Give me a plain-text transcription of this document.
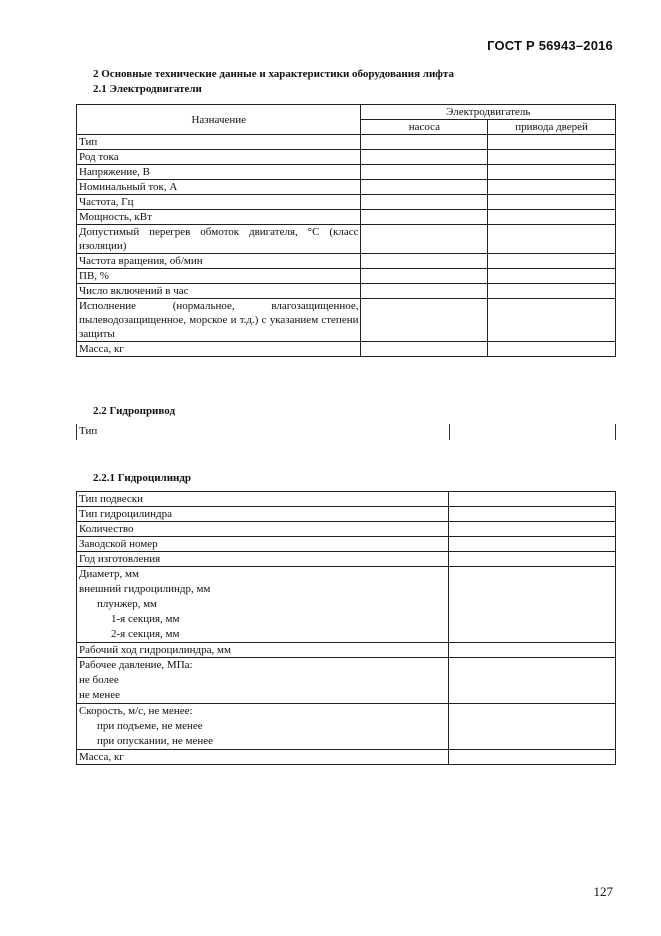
ГОСТ Р 56943–2016
2 Основные технические данные и характеристики оборудования лифта
2.1 Электродвигатели
Назначение	Электродвигатель	
	насоса	привода дверей
Тип		
Род тока		
Напряжение, В		
Номинальный ток, А		
Частота, Гц		
Мощность, кВт		
Допустимый перегрев обмоток двигателя, °С (класс изоляции)		
Частота вращения, об/мин		
ПВ, %		
Число включений в час		
Исполнение (нормальное, влагозащищенное, пылеводозащищенное, морское и т.д.) с указанием степени защиты		
Масса, кг		
2.2 Гидропривод
Тип
2.2.1 Гидроцилиндр
Тип подвески	
Тип гидроцилиндра	
Количество	
Заводской номер	
Год изготовления	

Диаметр, мм
внешний гидроцилиндр, мм
плунжер, мм
1-я секция, мм
2-я секция, мм	

Рабочий ход гидроцилиндра, мм	

Рабочее давление, МПа:
не более
не менее	

Скорость, м/с, не менее:
при подъеме, не менее
при опускании, не менее	

Масса, кг	
127
